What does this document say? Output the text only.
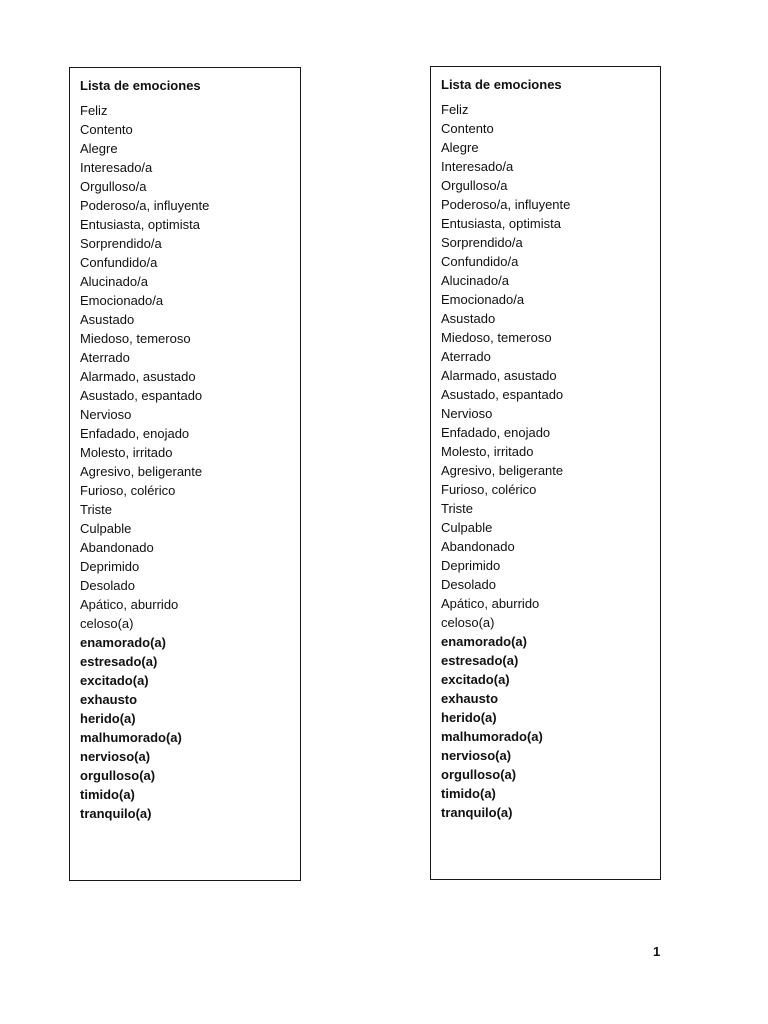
Lista de emociones
Feliz
Contento
Alegre
Interesado/a
Orgulloso/a
Poderoso/a, influyente
Entusiasta, optimista
Sorprendido/a
Confundido/a
Alucinado/a
Emocionado/a
Asustado
Miedoso, temeroso
Aterrado
Alarmado, asustado
Asustado, espantado
Nervioso
Enfadado, enojado
Molesto, irritado
Agresivo, beligerante
Furioso, colérico
Triste
Culpable
Abandonado
Deprimido
Desolado
Apático, aburrido
celoso(a)
enamorado(a)
estresado(a)
excitado(a)
exhausto
herido(a)
malhumorado(a)
nervioso(a)
orgulloso(a)
timido(a)
tranquilo(a)
Lista de emociones
Feliz
Contento
Alegre
Interesado/a
Orgulloso/a
Poderoso/a, influyente
Entusiasta, optimista
Sorprendido/a
Confundido/a
Alucinado/a
Emocionado/a
Asustado
Miedoso, temeroso
Aterrado
Alarmado, asustado
Asustado, espantado
Nervioso
Enfadado, enojado
Molesto, irritado
Agresivo, beligerante
Furioso, colérico
Triste
Culpable
Abandonado
Deprimido
Desolado
Apático, aburrido
celoso(a)
enamorado(a)
estresado(a)
excitado(a)
exhausto
herido(a)
malhumorado(a)
nervioso(a)
orgulloso(a)
timido(a)
tranquilo(a)
1
